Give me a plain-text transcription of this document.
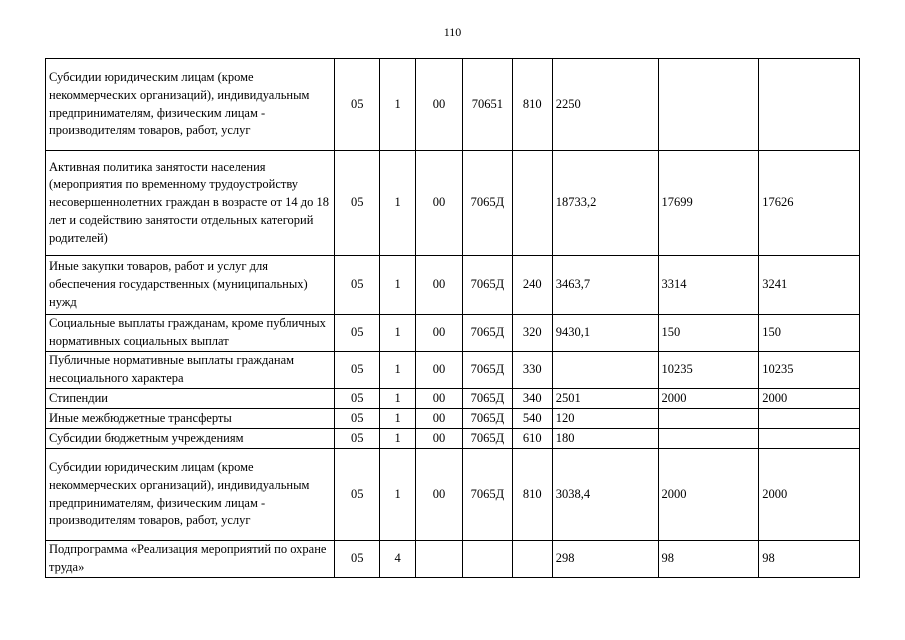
110
Субсидии юридическим лицам (кроме некоммерческих организаций), индивидуальным предпринимателям, физическим лицам - производителям товаров, работ, услуг	05	1	00	70651	810	2250		
Активная политика занятости населения (мероприятия по временному трудоустройству несовершеннолетних граждан в возрасте от 14 до 18 лет и содействию занятости отдельных категорий родителей)	05	1	00	7065Д		18733,2	17699	17626
Иные закупки товаров, работ и услуг для обеспечения государственных (муниципальных) нужд	05	1	00	7065Д	240	3463,7	3314	3241
Социальные выплаты гражданам, кроме публичных нормативных социальных выплат	05	1	00	7065Д	320	9430,1	150	150
Публичные нормативные выплаты гражданам несоциального характера	05	1	00	7065Д	330		10235	10235
Стипендии	05	1	00	7065Д	340	2501	2000	2000
Иные межбюджетные трансферты	05	1	00	7065Д	540	120		
Субсидии бюджетным учреждениям	05	1	00	7065Д	610	180		
Субсидии юридическим лицам (кроме некоммерческих организаций), индивидуальным предпринимателям, физическим лицам - производителям товаров, работ, услуг	05	1	00	7065Д	810	3038,4	2000	2000
Подпрограмма «Реализация мероприятий по охране труда»	05	4				298	98	98
